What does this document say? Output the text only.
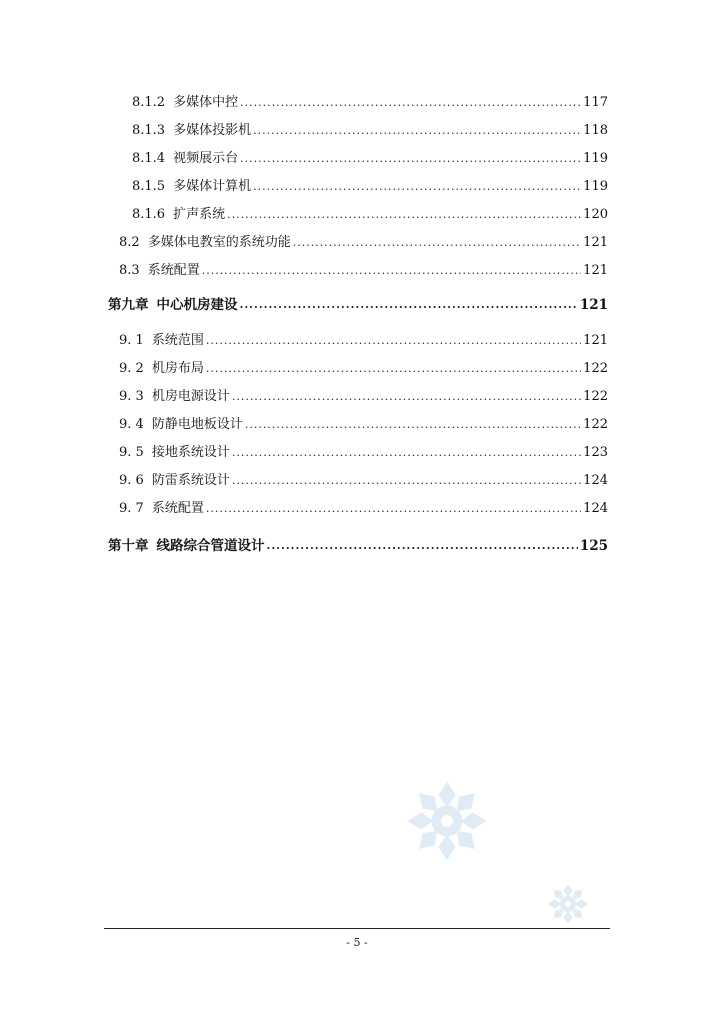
8.1.2 多媒体中控 .....	117
8.1.3 多媒体投影机 .....	118
8.1.4 视频展示台 .....	119
8.1.5 多媒体计算机 .....	119
8.1.6 扩声系统 .....	120
8.2 多媒体电教室的系统功能 .....	121
8.3 系统配置 .....	121
第九章 中心机房建设 .....	121
9. 1 系统范围 .....	121
9. 2 机房布局 .....	122
9. 3 机房电源设计 .....	122
9. 4 防静电地板设计 .....	122
9. 5 接地系统设计 .....	123
9. 6 防雷系统设计 .....	124
9. 7 系统配置 .....	124
第十章 线路综合管道设计 .....	125
- 5 -
